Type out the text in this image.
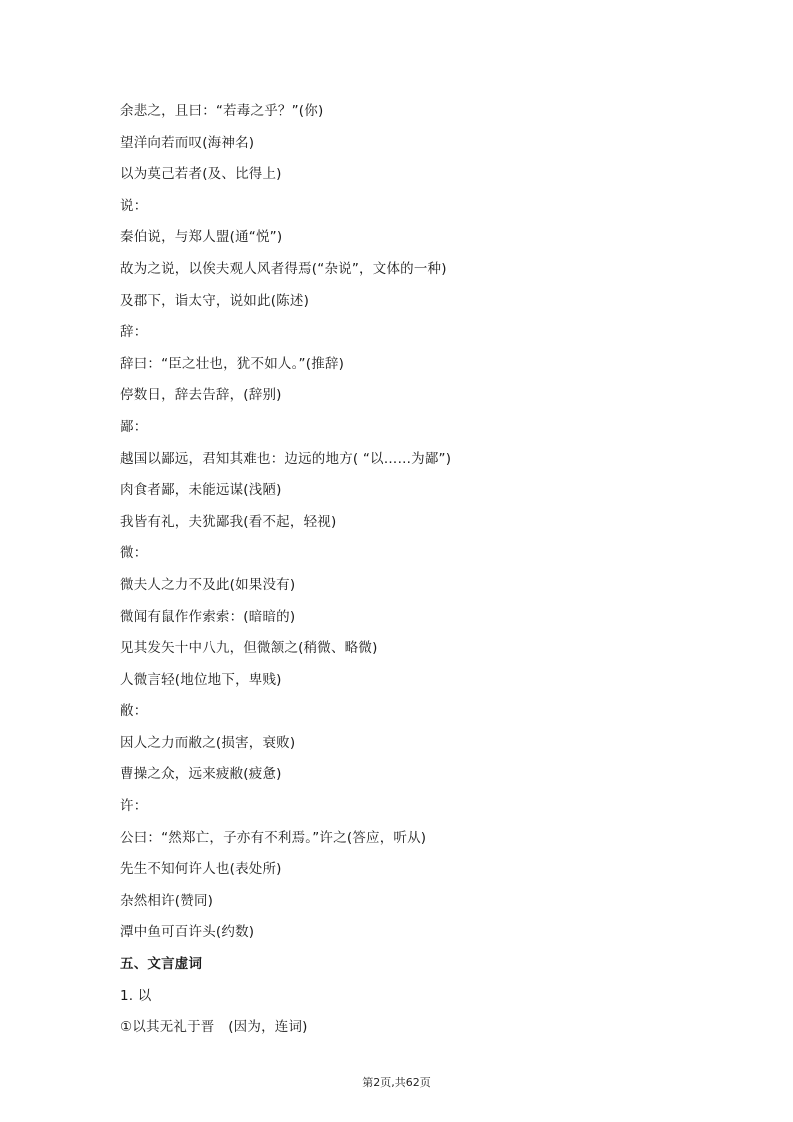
余悲之，且曰：“若毒之乎？”(你)
望洋向若而叹(海神名)
以为莫己若者(及、比得上)
说：
秦伯说，与郑人盟(通“悦”)
故为之说，以俟夫观人风者得焉(“杂说”，文体的一种)
及郡下，诣太守，说如此(陈述)
辞：
辞曰：“臣之壮也，犹不如人。”(推辞)
停数日，辞去告辞，(辞别)
鄙：
越国以鄙远，君知其难也：边远的地方( “以……为鄙”)
肉食者鄙，未能远谋(浅陋)
我皆有礼，夫犹鄙我(看不起，轻视)
微：
微夫人之力不及此(如果没有)
微闻有鼠作作索索：(暗暗的)
见其发矢十中八九，但微颔之(稍微、略微)
人微言轻(地位地下，卑贱)
敝：
因人之力而敝之(损害，衰败)
曹操之众，远来疲敝(疲惫)
许：
公曰：“然郑亡，子亦有不利焉。”许之(答应，听从)
先生不知何许人也(表处所)
杂然相许(赞同)
潭中鱼可百许头(约数)
五、文言虚词
1. 以
①以其无礼于晋　(因为，连词)
第2页,共62页
